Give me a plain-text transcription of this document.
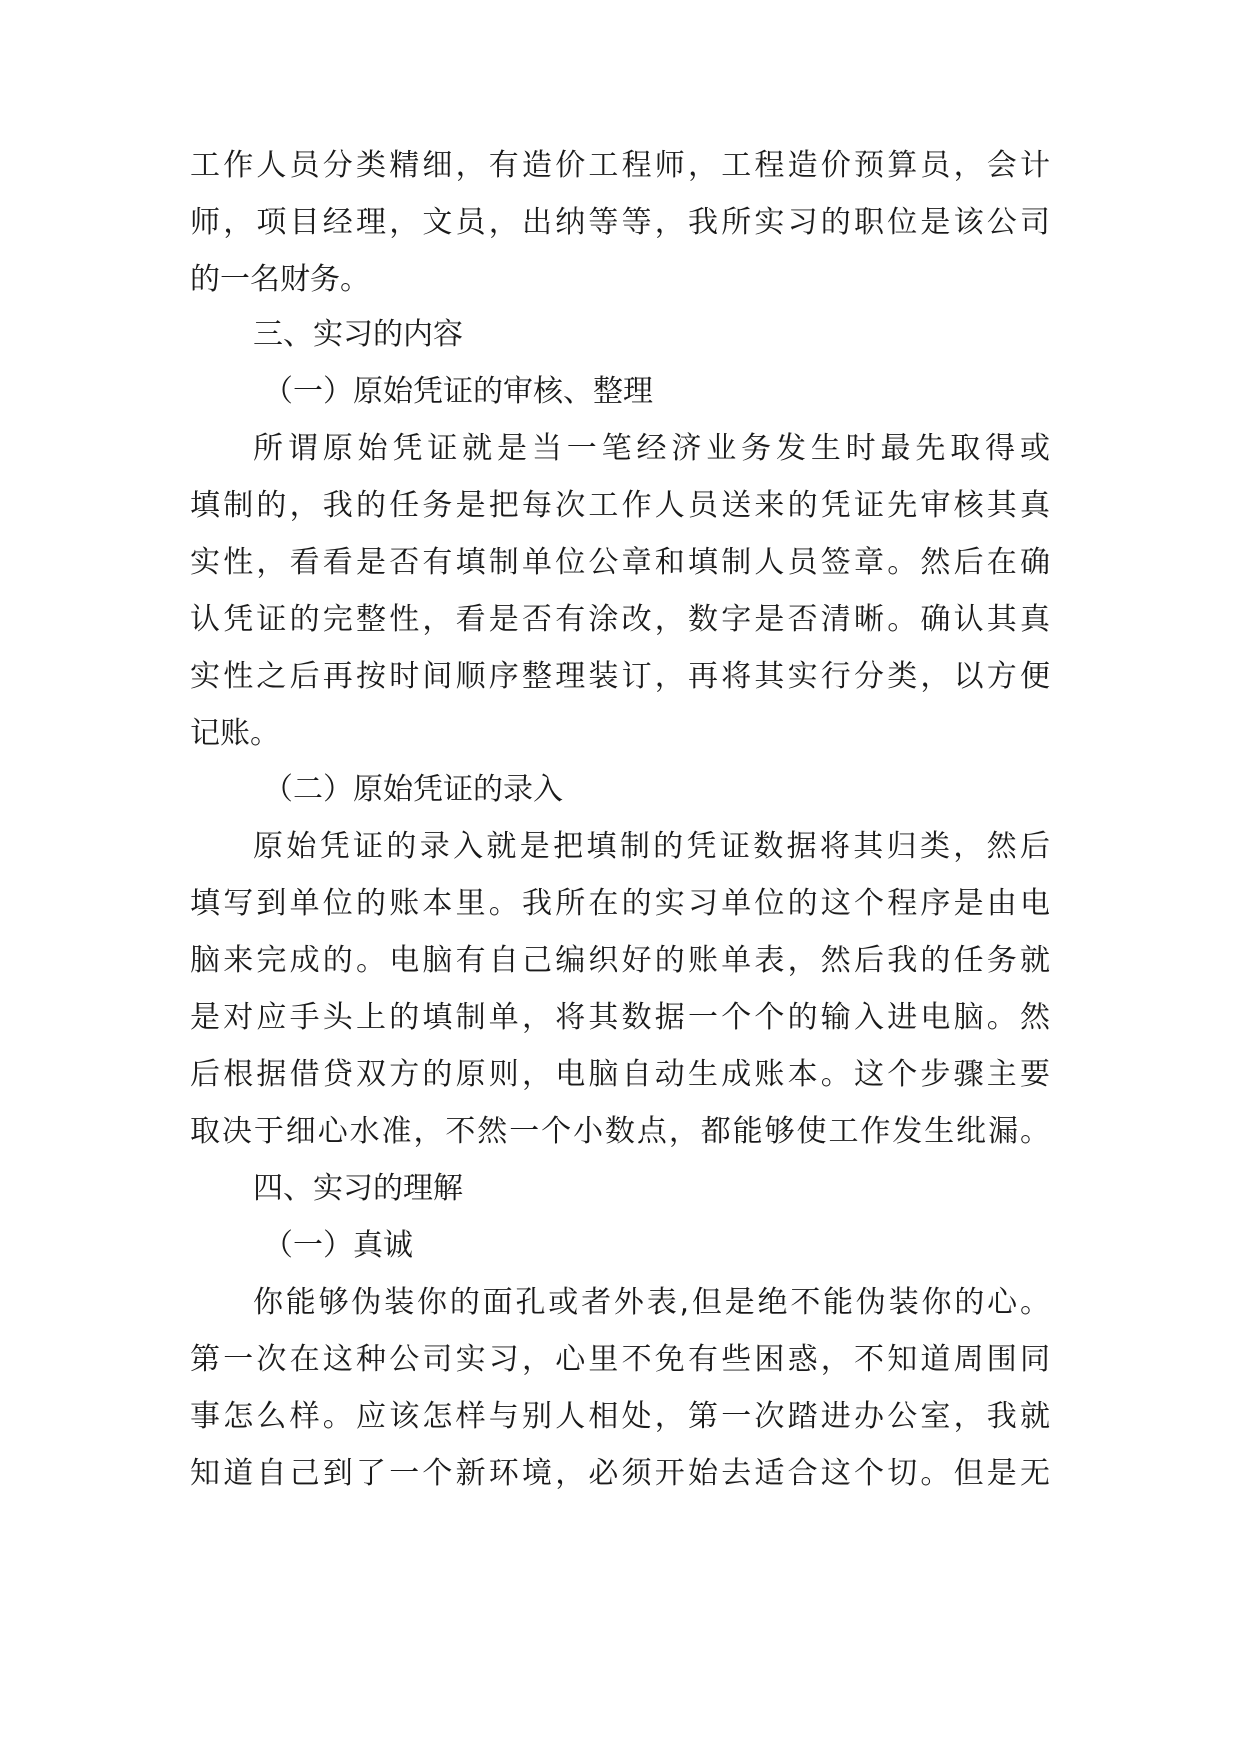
工作人员分类精细，有造价工程师，工程造价预算员，会计
师，项目经理，文员，出纳等等，我所实习的职位是该公司
的一名财务。
三、实习的内容
（一）原始凭证的审核、整理
所谓原始凭证就是当一笔经济业务发生时最先取得或
填制的，我的任务是把每次工作人员送来的凭证先审核其真
实性，看看是否有填制单位公章和填制人员签章。然后在确
认凭证的完整性，看是否有涂改，数字是否清晰。确认其真
实性之后再按时间顺序整理装订，再将其实行分类，以方便
记账。
（二）原始凭证的录入
原始凭证的录入就是把填制的凭证数据将其归类，然后
填写到单位的账本里。我所在的实习单位的这个程序是由电
脑来完成的。电脑有自己编织好的账单表，然后我的任务就
是对应手头上的填制单，将其数据一个个的输入进电脑。然
后根据借贷双方的原则，电脑自动生成账本。这个步骤主要
取决于细心水准，不然一个小数点，都能够使工作发生纰漏。
四、实习的理解
（一）真诚
你能够伪装你的面孔或者外表,但是绝不能伪装你的心。
第一次在这种公司实习，心里不免有些困惑，不知道周围同
事怎么样。应该怎样与别人相处，第一次踏进办公室，我就
知道自己到了一个新环境，必须开始去适合这个切。但是无
